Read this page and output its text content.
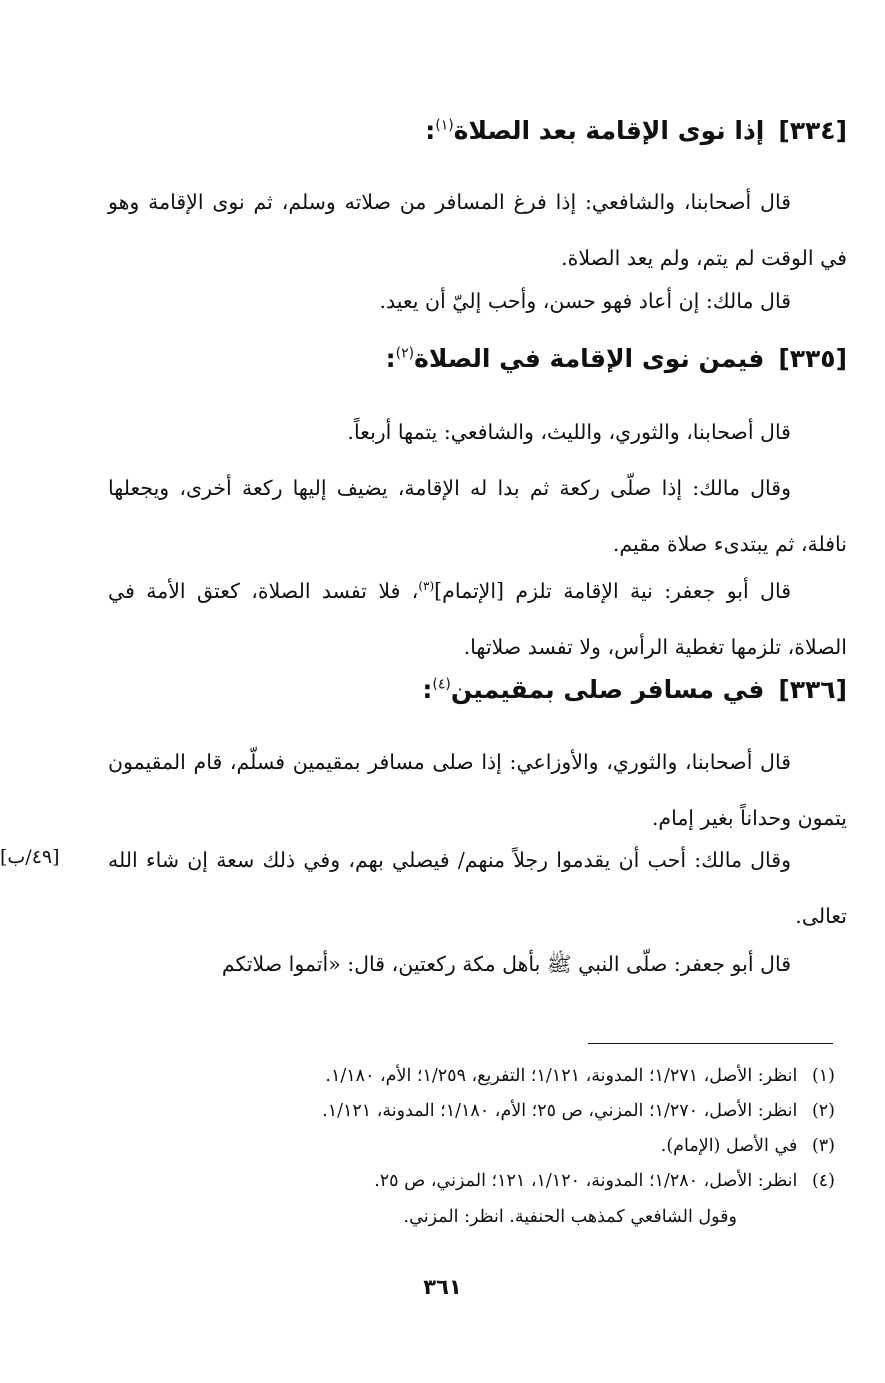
[٣٣٤]إذا نوى الإقامة بعد الصلاة$^{(١)}$:
قال أصحابنا، والشافعي: إذا فرغ المسافر من صلاته وسلم، ثم نوى الإقامة وهو في الوقت لم يتم، ولم يعد الصلاة.
قال مالك: إن أعاد فهو حسن، وأحب إليّ أن يعيد.
[٣٣٥]فيمن نوى الإقامة في الصلاة$^{(٢)}$:
قال أصحابنا، والثوري، والليث، والشافعي: يتمها أربعاً.
وقال مالك: إذا صلّى ركعة ثم بدا له الإقامة، يضيف إليها ركعة أخرى، ويجعلها نافلة، ثم يبتدىء صلاة مقيم.
قال أبو جعفر: نية الإقامة تلزم [الإتمام]$^{(٣)}$، فلا تفسد الصلاة، كعتق الأمة في الصلاة، تلزمها تغطية الرأس، ولا تفسد صلاتها.
[٣٣٦]في مسافر صلى بمقيمين$^{(٤)}$:
قال أصحابنا، والثوري، والأوزاعي: إذا صلى مسافر بمقيمين فسلّم، قام المقيمون يتمون وحداناً بغير إمام.
وقال مالك: أحب أن يقدموا رجلاً منهم/ فيصلي بهم، وفي ذلك سعة إن شاء الله تعالى.
[٤٩/ب]
قال أبو جعفر: صلّى النبي ﷺ بأهل مكة ركعتين، قال: «أتموا صلاتكم
(١) انظر: الأصل، ١/٢٧١؛ المدونة، ١/١٢١؛ التفريع، ١/٢٥٩؛ الأم، ١/١٨٠.
(٢) انظر: الأصل، ١/٢٧٠؛ المزني، ص ٢٥؛ الأم، ١/١٨٠؛ المدونة، ١/١٢١.
(٣) في الأصل (الإمام).
(٤) انظر: الأصل، ١/٢٨٠؛ المدونة، ١/١٢٠، ١٢١؛ المزني، ص ٢٥.
وقول الشافعي كمذهب الحنفية. انظر: المزني.
٣٦١
